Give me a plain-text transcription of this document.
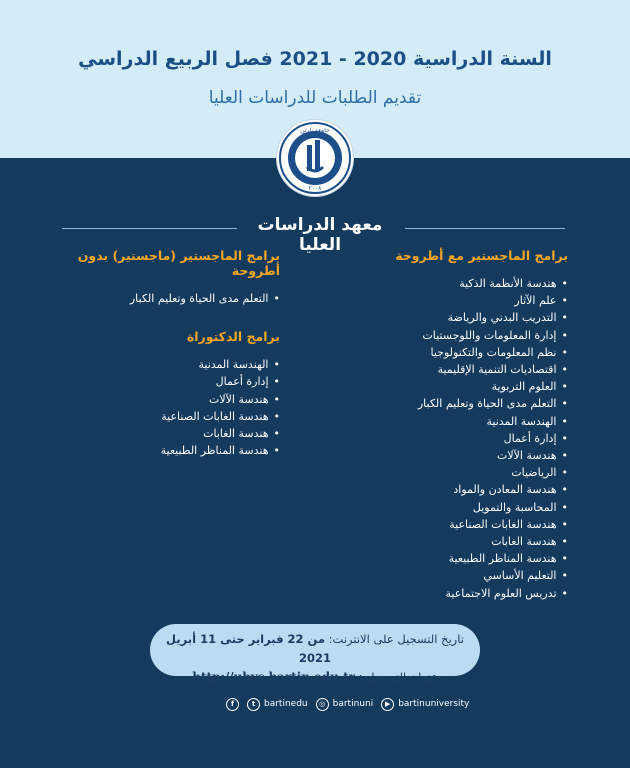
السنة الدراسية 2020 - 2021 فصل الربيع الدراسي
تقديم الطلبات للدراسات العليا
جامعة بارتن
٢٠٠٨
معهد الدراسات العليا
برامج الماجستير مع أطروحة
• هندسة الأنظمة الذكية
• علم الآثار
• التدريب البدني والرياضة
• إدارة المعلومات واللوجستيات
• نظم المعلومات والتكنولوجيا
• اقتصاديات التنمية الإقليمية
• العلوم التربوية
• التعلم مدى الحياة وتعليم الكبار
• الهندسة المدنية
• إدارة أعمال
• هندسة الآلات
• الرياضيات
• هندسة المعادن والمواد
• المحاسبة والتمويل
• هندسة الغابات الصناعية
• هندسة الغابات
• هندسة المناظر الطبيعية
• التعليم الأساسي
• تدريس العلوم الاجتماعية
برامج الماجستير (ماجستير) بدون أطروحة
• التعلم مدى الحياة وتعليم الكبار
برامج الدكتوراة
• الهندسة المدنية
• إدارة أعمال
• هندسة الآلات
• هندسة الغابات الصناعية
• هندسة الغابات
• هندسة المناظر الطبيعية
تاريخ التسجيل على الانترنت: من 22 فبراير حتى 11 أبريل 2021
عنوان التسجيل : http://ubys.bartin.edu.tr
f	t bartinedu	◎ bartinuni	▶ bartinuniversity
